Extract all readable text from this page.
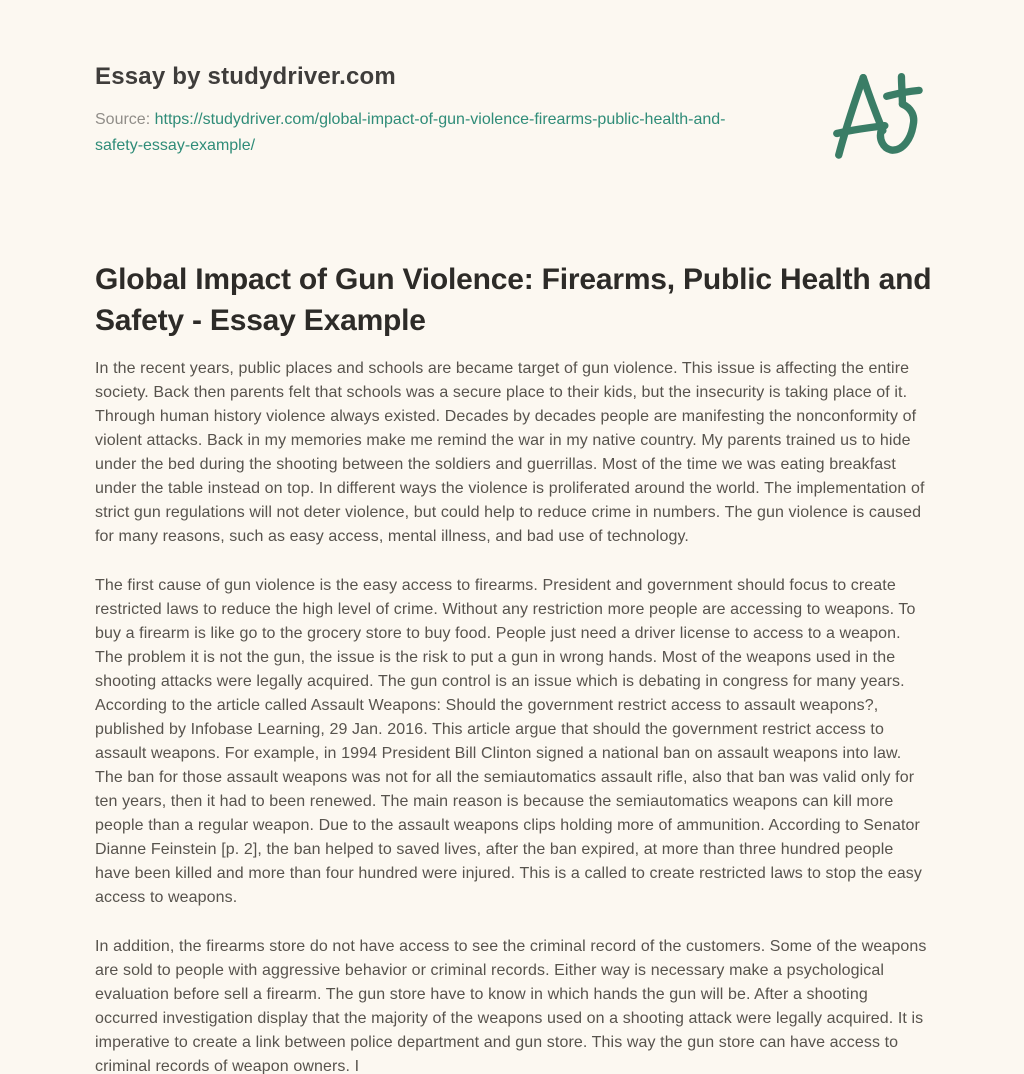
Essay by studydriver.com

Source: https://studydriver.com/global-impact-of-gun-violence-firearms-public-health-and-safety-essay-example/

Global Impact of Gun Violence: Firearms, Public Health and Safety - Essay Example

In the recent years, public places and schools are became target of gun violence. This issue is affecting the entire society. Back then parents felt that schools was a secure place to their kids, but the insecurity is taking place of it. Through human history violence always existed. Decades by decades people are manifesting the nonconformity of violent attacks. Back in my memories make me remind the war in my native country. My parents trained us to hide under the bed during the shooting between the soldiers and guerrillas. Most of the time we was eating breakfast under the table instead on top. In different ways the violence is proliferated around the world. The implementation of strict gun regulations will not deter violence, but could help to reduce crime in numbers. The gun violence is caused for many reasons, such as easy access, mental illness, and bad use of technology.

The first cause of gun violence is the easy access to firearms. President and government should focus to create restricted laws to reduce the high level of crime. Without any restriction more people are accessing to weapons. To buy a firearm is like go to the grocery store to buy food. People just need a driver license to access to a weapon. The problem it is not the gun, the issue is the risk to put a gun in wrong hands. Most of the weapons used in the shooting attacks were legally acquired. The gun control is an issue which is debating in congress for many years. According to the article called Assault Weapons: Should the government restrict access to assault weapons?, published by Infobase Learning, 29 Jan. 2016. This article argue that should the government restrict access to assault weapons. For example, in 1994 President Bill Clinton signed a national ban on assault weapons into law. The ban for those assault weapons was not for all the semiautomatics assault rifle, also that ban was valid only for ten years, then it had to been renewed. The main reason is because the semiautomatics weapons can kill more people than a regular weapon. Due to the assault weapons clips holding more of ammunition. According to Senator Dianne Feinstein [p. 2], the ban helped to saved lives, after the ban expired, at more than three hundred people have been killed and more than four hundred were injured. This is a called to create restricted laws to stop the easy access to weapons.

In addition, the firearms store do not have access to see the criminal record of the customers. Some of the weapons are sold to people with aggressive behavior or criminal records. Either way is necessary make a psychological evaluation before sell a firearm. The gun store have to know in which hands the gun will be. After a shooting occurred investigation display that the majority of the weapons used on a shooting attack were legally acquired. It is imperative to create a link between police department and gun store. This way the gun store can have access to criminal records of weapon owners. I
